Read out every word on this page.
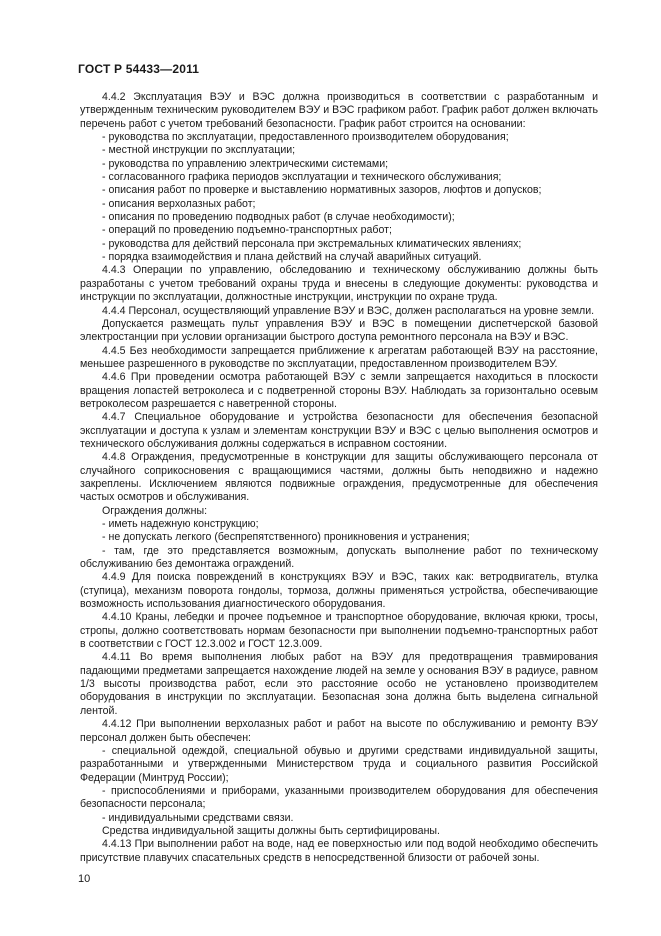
ГОСТ Р 54433—2011

4.4.2 Эксплуатация ВЭУ и ВЭС должна производиться в соответствии с разработанным и утвержденным техническим руководителем ВЭУ и ВЭС графиком работ. График работ должен включать перечень работ с учетом требований безопасности. График работ строится на основании:

- руководства по эксплуатации, предоставленного производителем оборудования;

- местной инструкции по эксплуатации;

- руководства по управлению электрическими системами;

- согласованного графика периодов эксплуатации и технического обслуживания;

- описания работ по проверке и выставлению нормативных зазоров, люфтов и допусков;

- описания верхолазных работ;

- описания по проведению подводных работ (в случае необходимости);

- операций по проведению подъемно-транспортных работ;

- руководства для действий персонала при экстремальных климатических явлениях;

- порядка взаимодействия и плана действий на случай аварийных ситуаций.

4.4.3 Операции по управлению, обследованию и техническому обслуживанию должны быть разработаны с учетом требований охраны труда и внесены в следующие документы: руководства и инструкции по эксплуатации, должностные инструкции, инструкции по охране труда.

4.4.4 Персонал, осуществляющий управление ВЭУ и ВЭС, должен располагаться на уровне земли.

Допускается размещать пульт управления ВЭУ и ВЭС в помещении диспетчерской базовой электростанции при условии организации быстрого доступа ремонтного персонала на ВЭУ и ВЭС.

4.4.5 Без необходимости запрещается приближение к агрегатам работающей ВЭУ на расстояние, меньшее разрешенного в руководстве по эксплуатации, предоставленном производителем ВЭУ.

4.4.6 При проведении осмотра работающей ВЭУ с земли запрещается находиться в плоскости вращения лопастей ветроколеса и с подветренной стороны ВЭУ. Наблюдать за горизонтально осевым ветроколесом разрешается с наветренной стороны.

4.4.7 Специальное оборудование и устройства безопасности для обеспечения безопасной эксплуатации и доступа к узлам и элементам конструкции ВЭУ и ВЭС с целью выполнения осмотров и технического обслуживания должны содержаться в исправном состоянии.

4.4.8 Ограждения, предусмотренные в конструкции для защиты обслуживающего персонала от случайного соприкосновения с вращающимися частями, должны быть неподвижно и надежно закреплены. Исключением являются подвижные ограждения, предусмотренные для обеспечения частых осмотров и обслуживания.

Ограждения должны:

- иметь надежную конструкцию;

- не допускать легкого (беспрепятственного) проникновения и устранения;

- там, где это представляется возможным, допускать выполнение работ по техническому обслуживанию без демонтажа ограждений.

4.4.9 Для поиска повреждений в конструкциях ВЭУ и ВЭС, таких как: ветродвигатель, втулка (ступица), механизм поворота гондолы, тормоза, должны применяться устройства, обеспечивающие возможность использования диагностического оборудования.

4.4.10 Краны, лебедки и прочее подъемное и транспортное оборудование, включая крюки, тросы, стропы, должно соответствовать нормам безопасности при выполнении подъемно-транспортных работ в соответствии с ГОСТ 12.3.002 и ГОСТ 12.3.009.

4.4.11 Во время выполнения любых работ на ВЭУ для предотвращения травмирования падающими предметами запрещается нахождение людей на земле у основания ВЭУ в радиусе, равном 1/3 высоты производства работ, если это расстояние особо не установлено производителем оборудования в инструкции по эксплуатации. Безопасная зона должна быть выделена сигнальной лентой.

4.4.12 При выполнении верхолазных работ и работ на высоте по обслуживанию и ремонту ВЭУ персонал должен быть обеспечен:

- специальной одеждой, специальной обувью и другими средствами индивидуальной защиты, разработанными и утвержденными Министерством труда и социального развития Российской Федерации (Минтруд России);

- приспособлениями и приборами, указанными производителем оборудования для обеспечения безопасности персонала;

- индивидуальными средствами связи.

Средства индивидуальной защиты должны быть сертифицированы.

4.4.13 При выполнении работ на воде, над ее поверхностью или под водой необходимо обеспечить присутствие плавучих спасательных средств в непосредственной близости от рабочей зоны.

10
